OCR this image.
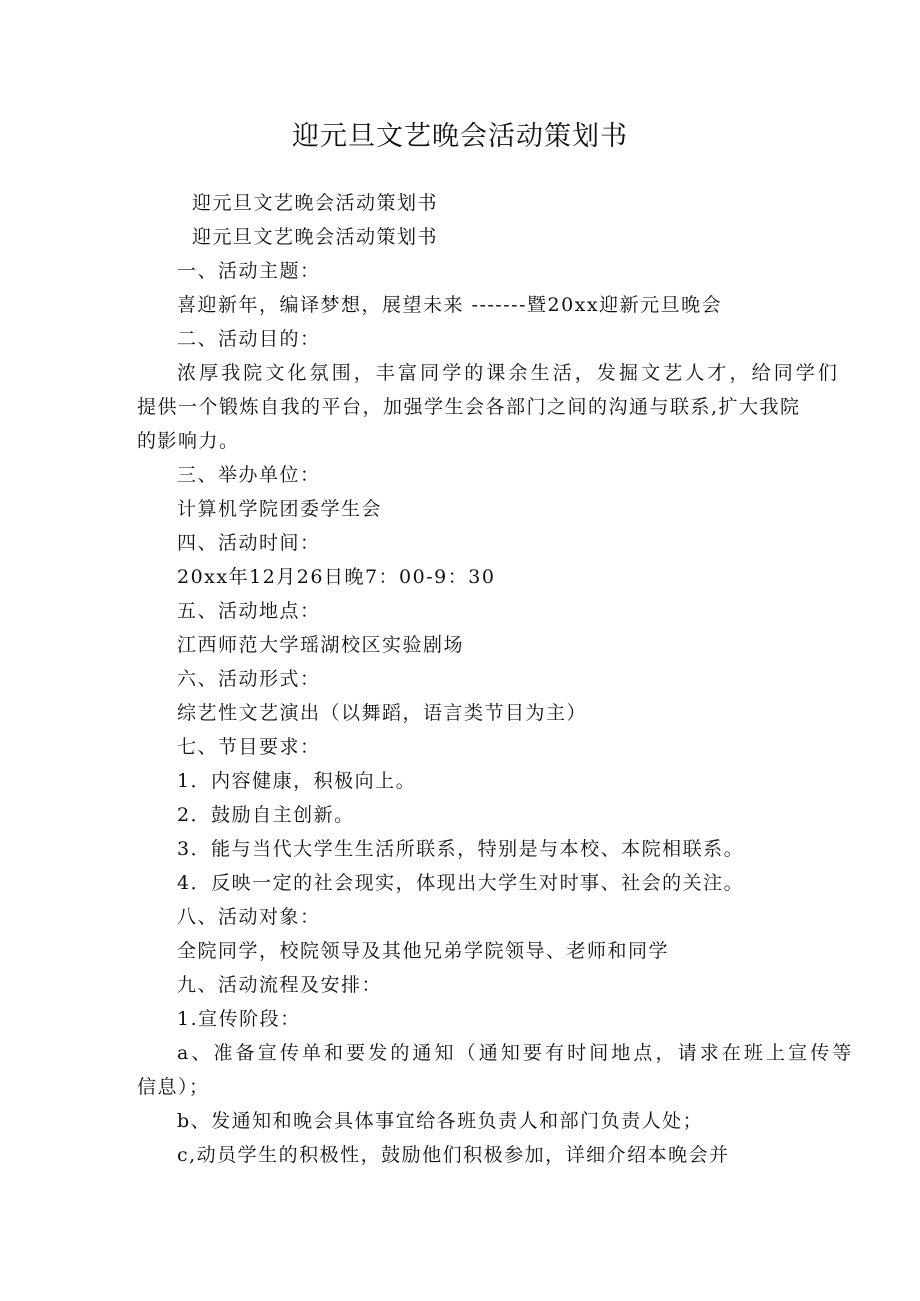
迎元旦文艺晚会活动策划书
迎元旦文艺晚会活动策划书
迎元旦文艺晚会活动策划书
一、活动主题：
喜迎新年，编译梦想，展望未来 -------暨20xx迎新元旦晚会
二、活动目的：
浓厚我院文化氛围，丰富同学的课余生活，发掘文艺人才，给同学们
提供一个锻炼自我的平台，加强学生会各部门之间的沟通与联系,扩大我院
的影响力。
三、举办单位：
计算机学院团委学生会
四、活动时间：
20xx年12月26日晚7：00-9：30
五、活动地点：
江西师范大学瑶湖校区实验剧场
六、活动形式：
综艺性文艺演出（以舞蹈，语言类节目为主）
七、节目要求：
1．内容健康，积极向上。
2．鼓励自主创新。
3．能与当代大学生生活所联系，特别是与本校、本院相联系。
4．反映一定的社会现实，体现出大学生对时事、社会的关注。
八、活动对象：
全院同学，校院领导及其他兄弟学院领导、老师和同学
九、活动流程及安排：
1.宣传阶段：
a、准备宣传单和要发的通知（通知要有时间地点，请求在班上宣传等
信息）；
b、发通知和晚会具体事宜给各班负责人和部门负责人处；
c,动员学生的积极性，鼓励他们积极参加，详细介绍本晚会并
